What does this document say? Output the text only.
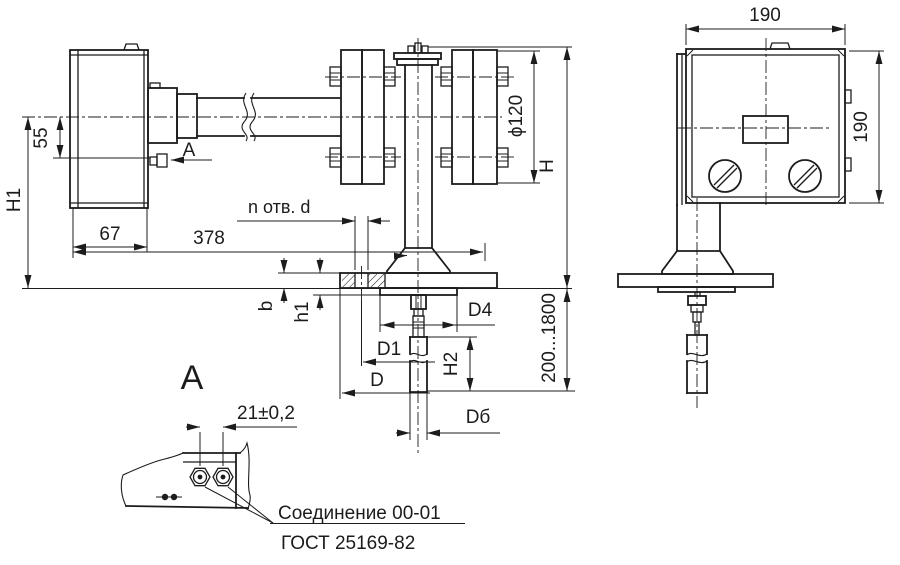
А
55
H1
67	378
n отв. d
b h1
D1
D
D4
H2
Dб
ϕ120
H
200...1800
190
190
А
21±0,2
Соединение 00-01
ГОСТ 25169-82
